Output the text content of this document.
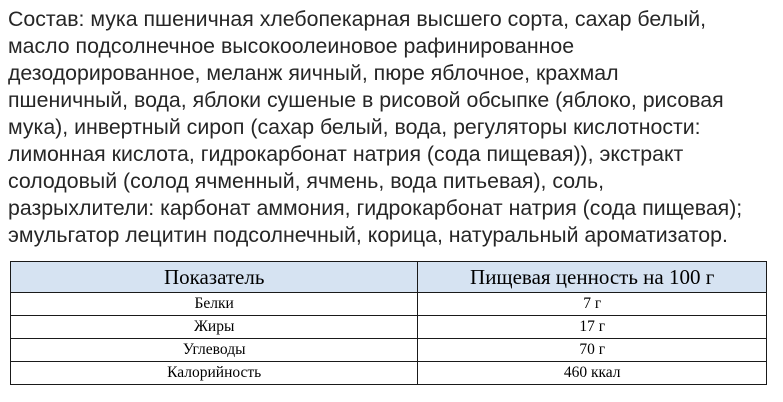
Состав: мука пшеничная хлебопекарная высшего сорта, сахар белый,
масло подсолнечное высокоолеиновое рафинированное
дезодорированное, меланж яичный, пюре яблочное, крахмал
пшеничный, вода, яблоки сушеные в рисовой обсыпке (яблоко, рисовая
мука), инвертный сироп (сахар белый, вода, регуляторы кислотности:
лимонная кислота, гидрокарбонат натрия (сода пищевая)), экстракт
солодовый (солод ячменный, ячмень, вода питьевая), соль,
разрыхлители: карбонат аммония, гидрокарбонат натрия (сода пищевая);
эмульгатор лецитин подсолнечный, корица, натуральный ароматизатор.
Показатель	Пищевая ценность на 100 г
Белки	7 г
Жиры	17 г
Углеводы	70 г
Калорийность	460 ккал
